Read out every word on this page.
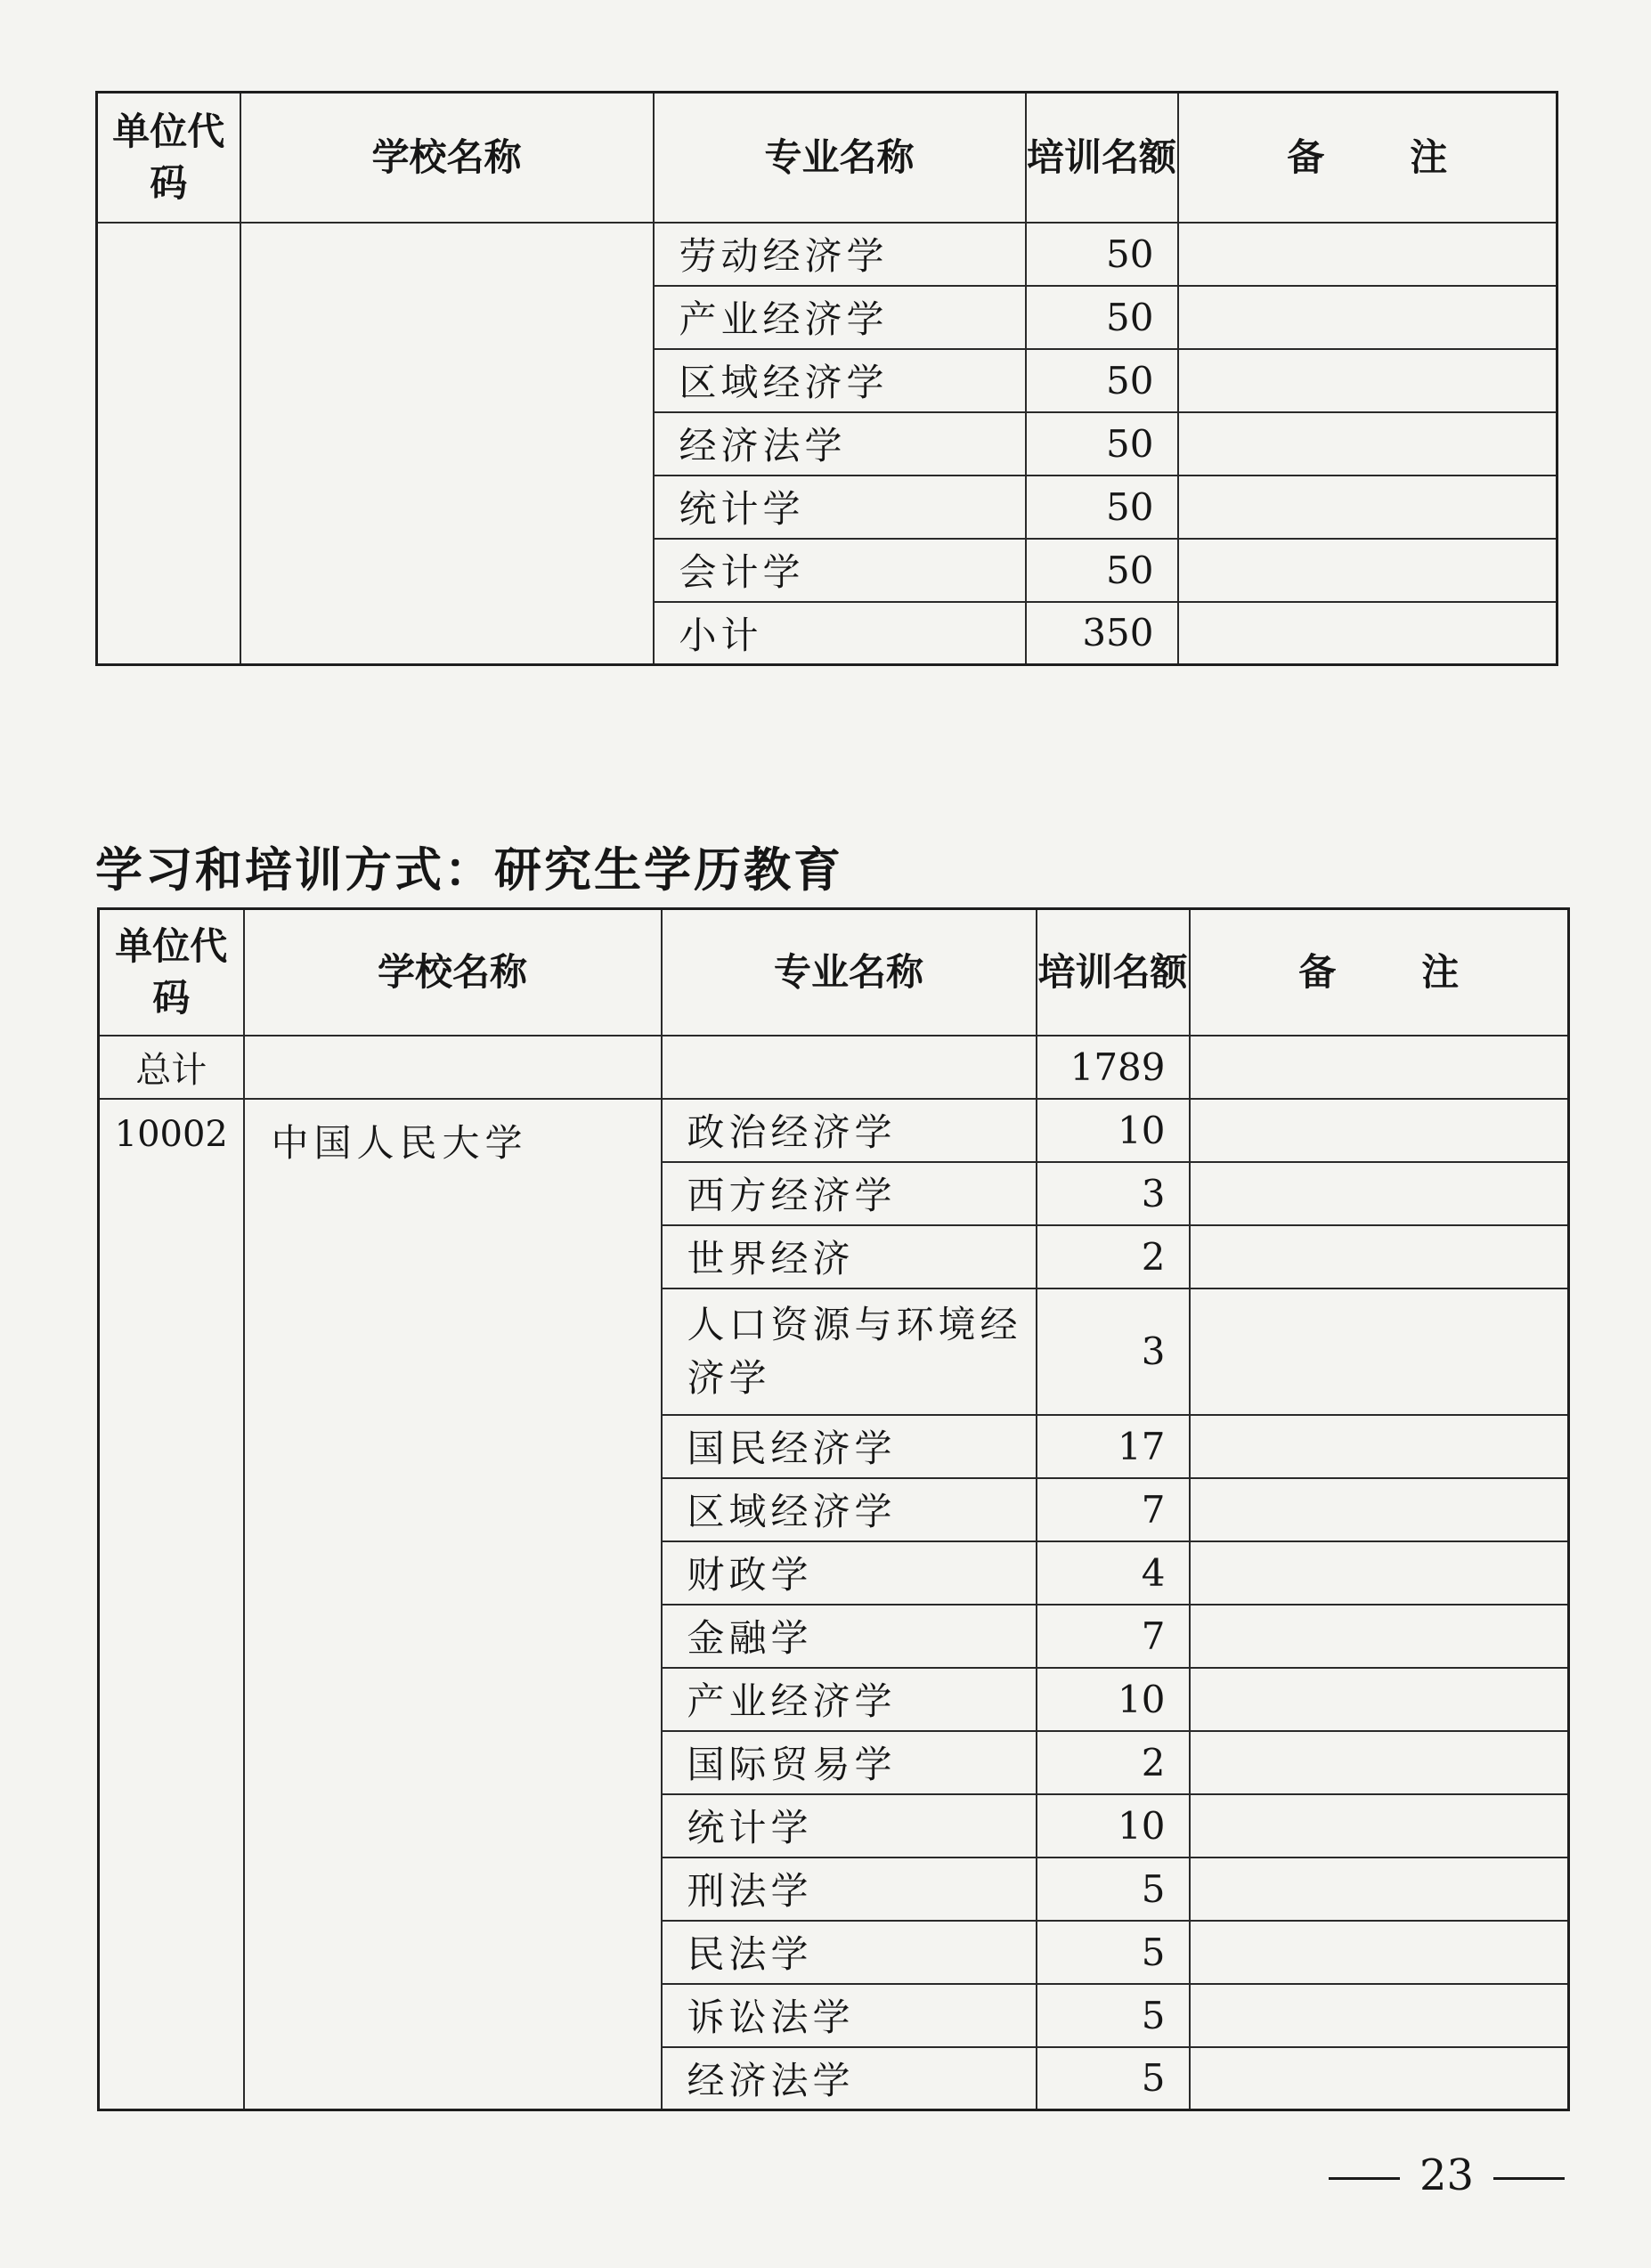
单位代码	学校名称	专业名称	培训名额	备 注
		劳动经济学	50	
		产业经济学	50	
		区域经济学	50	
		经济法学	50	
		统计学	50	
		会计学	50	
		小计	350	
学习和培训方式：研究生学历教育
单位代码	学校名称	专业名称	培训名额	备 注
总计			1789	
10002	中国人民大学	政治经济学	10	
		西方经济学	3	
		世界经济	2	
		人口资源与环境经济学	3	
		国民经济学	17	
		区域经济学	7	
		财政学	4	
		金融学	7	
		产业经济学	10	
		国际贸易学	2	
		统计学	10	
		刑法学	5	
		民法学	5	
		诉讼法学	5	
		经济法学	5	
23
